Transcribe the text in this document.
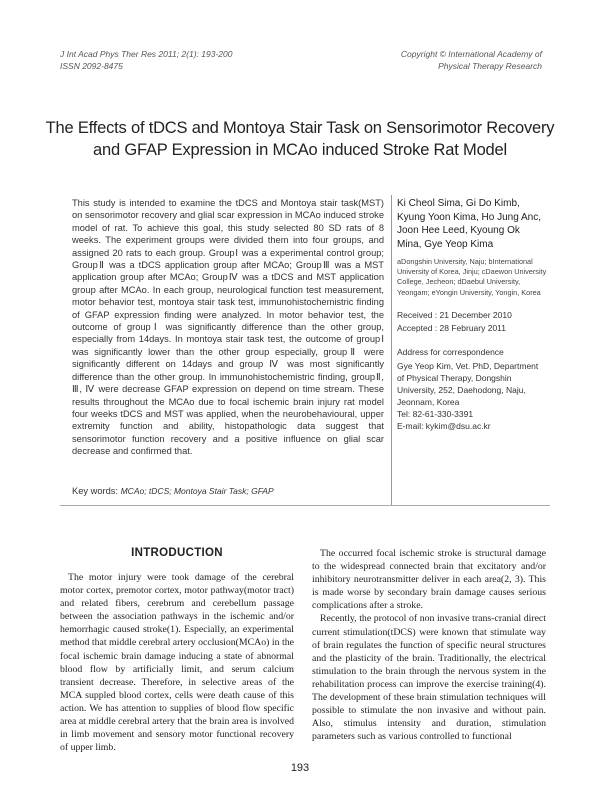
J Int Acad Phys Ther Res 2011; 2(1): 193-200
ISSN 2092-8475
Copyright © International Academy of
Physical Therapy Research
The Effects of tDCS and Montoya Stair Task on Sensorimotor Recovery and GFAP Expression in MCAo induced Stroke Rat Model

This study is intended to examine the tDCS and Montoya stair task(MST) on sensorimotor recovery and glial scar expression in MCAo induced stroke model of rat. To achieve this goal, this study selected 80 SD rats of 8 weeks. The experiment groups were divided them into four groups, and assigned 20 rats to each group. GroupⅠ was a experimental control group; GroupⅡ was a tDCS application group after MCAo; GroupⅢ was a MST application group after MCAo; GroupⅣ was a tDCS and MST application group after MCAo. In each group, neurological function test measurement, motor behavior test, montoya stair task test, immunohistochemistric finding of GFAP expression finding were analyzed. In motor behavior test, the outcome of groupⅠ was significantly difference than the other group, especially from 14days. In montoya stair task test, the outcome of groupⅠ was significantly lower than the other group especially, groupⅡ were significantly different on 14days and group Ⅳ was most significantly difference than the other group. In immunohistochemistric finding, groupⅡ, Ⅲ, Ⅳ were decrease GFAP expression on depend on time stream. These results throughout the MCAo due to focal ischemic brain injury rat model four weeks tDCS and MST was applied, when the neurobehavioural, upper extremity function and ability, histopathologic data suggest that sensorimotor function recovery and a positive influence on glial scar decrease and confirmed that.

Key words: MCAo; tDCS; Montoya Stair Task; GFAP

Ki Cheol Sima, Gi Do Kimb, Kyung Yoon Kima, Ho Jung Anc, Joon Hee Leed, Kyoung Ok Mina, Gye Yeop Kima

aDongshin University, Naju; bInternational University of Korea, Jinju; cDaewon University College, Jecheon; dDaebul University, Yeongam; eYongin University, Yongin, Korea

Received : 21 December 2010
Accepted : 28 February 2011
Address for correspondence
Gye Yeop Kim, Vet. PhD, Department of Physical Therapy, Dongshin University, 252, Daehodong, Naju, Jeonnam, Korea
Tel: 82-61-330-3391
E-mail: kykim@dsu.ac.kr
INTRODUCTION

The motor injury were took damage of the cerebral motor cortex, premotor cortex, motor pathway(motor tract) and related fibers, cerebrum and cerebellum passage between the association pathways in the ischemic and/or hemorrhagic caused stroke(1). Especially, an experimental method that middle cerebral artery occlusion(MCAo) in the focal ischemic brain damage inducing a state of abnormal blood flow by artificially limit, and serum calcium transient decrease. Therefore, in selective areas of the MCA suppled blood cortex, cells were death cause of this action. We has attention to supplies of blood flow specific area at middle cerebral artery that the brain area is involved in limb movement and sensory motor functional recovery of upper limb.

The occurred focal ischemic stroke is structural damage to the widespread connected brain that excitatory and/or inhibitory neurotransmitter deliver in each area(2, 3). This is made worse by secondary brain damage causes serious complications after a stroke.
Recently, the protocol of non invasive trans-cranial direct current stimulation(tDCS) were known that stimulate way of brain regulates the function of specific neural structures and the plasticity of the brain. Traditionally, the electrical stimulation to the brain through the nervous system in the rehabilitation process can improve the exercise training(4). The development of these brain stimulation techniques will possible to stimulate the non invasive and without pain. Also, stimulus intensity and duration, stimulation parameters such as various controlled to functional
193
